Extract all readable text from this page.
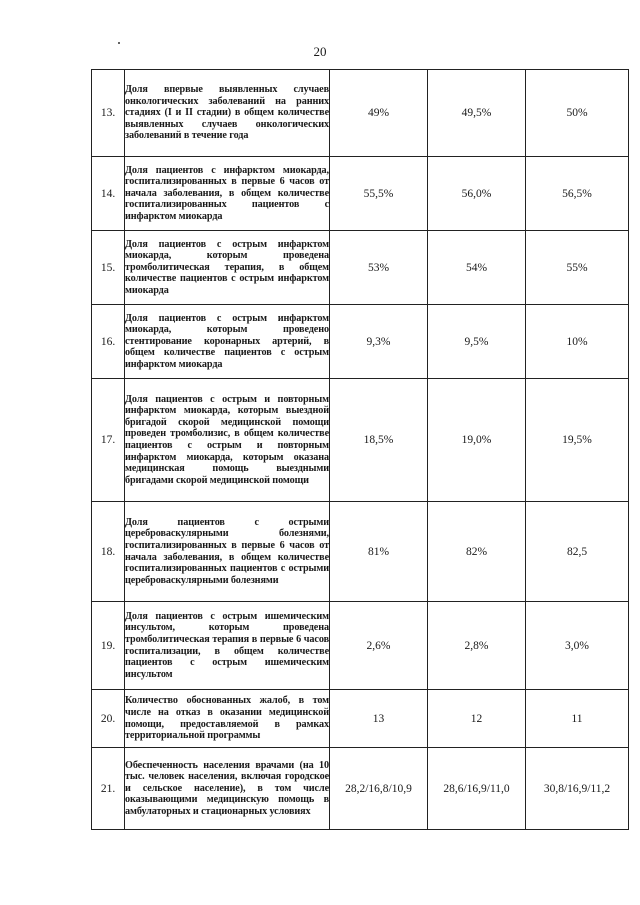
20
13.	Доля впервые выявленных случаев онкологических заболеваний на ранних стадиях (I и II стадии) в общем количестве выявленных случаев онкологических заболеваний в течение года	49%	49,5%	50%
14.	Доля пациентов с инфарктом миокарда, госпитализированных в первые 6 часов от начала заболевания, в общем количестве госпитализированных пациентов с инфарктом миокарда	55,5%	56,0%	56,5%
15.	Доля пациентов с острым инфарктом миокарда, которым проведена тромболитическая терапия, в общем количестве пациентов с острым инфарктом миокарда	53%	54%	55%
16.	Доля пациентов с острым инфарктом миокарда, которым проведено стентирование коронарных артерий, в общем количестве пациентов с острым инфарктом миокарда	9,3%	9,5%	10%
17.	Доля пациентов с острым и повторным инфарктом миокарда, которым выездной бригадой скорой медицинской помощи проведен тромболизис, в общем количестве пациентов с острым и повторным инфарктом миокарда, которым оказана медицинская помощь выездными бригадами скорой медицинской помощи	18,5%	19,0%	19,5%
18.	Доля пациентов с острыми цереброваскулярными болезнями, госпитализированных в первые 6 часов от начала заболевания, в общем количестве госпитализированных пациентов с острыми цереброваскулярными болезнями	81%	82%	82,5
19.	Доля пациентов с острым ишемическим инсультом, которым проведена тромболитическая терапия в первые 6 часов госпитализации, в общем количестве пациентов с острым ишемическим инсультом	2,6%	2,8%	3,0%
20.	Количество обоснованных жалоб, в том числе на отказ в оказании медицинской помощи, предоставляемой в рамках территориальной программы	13	12	11
21.	Обеспеченность населения врачами (на 10 тыс. человек населения, включая городское и сельское население), в том числе оказывающими медицинскую помощь в амбулаторных и стационарных условиях	28,2/16,8/10,9	28,6/16,9/11,0	30,8/16,9/11,2
